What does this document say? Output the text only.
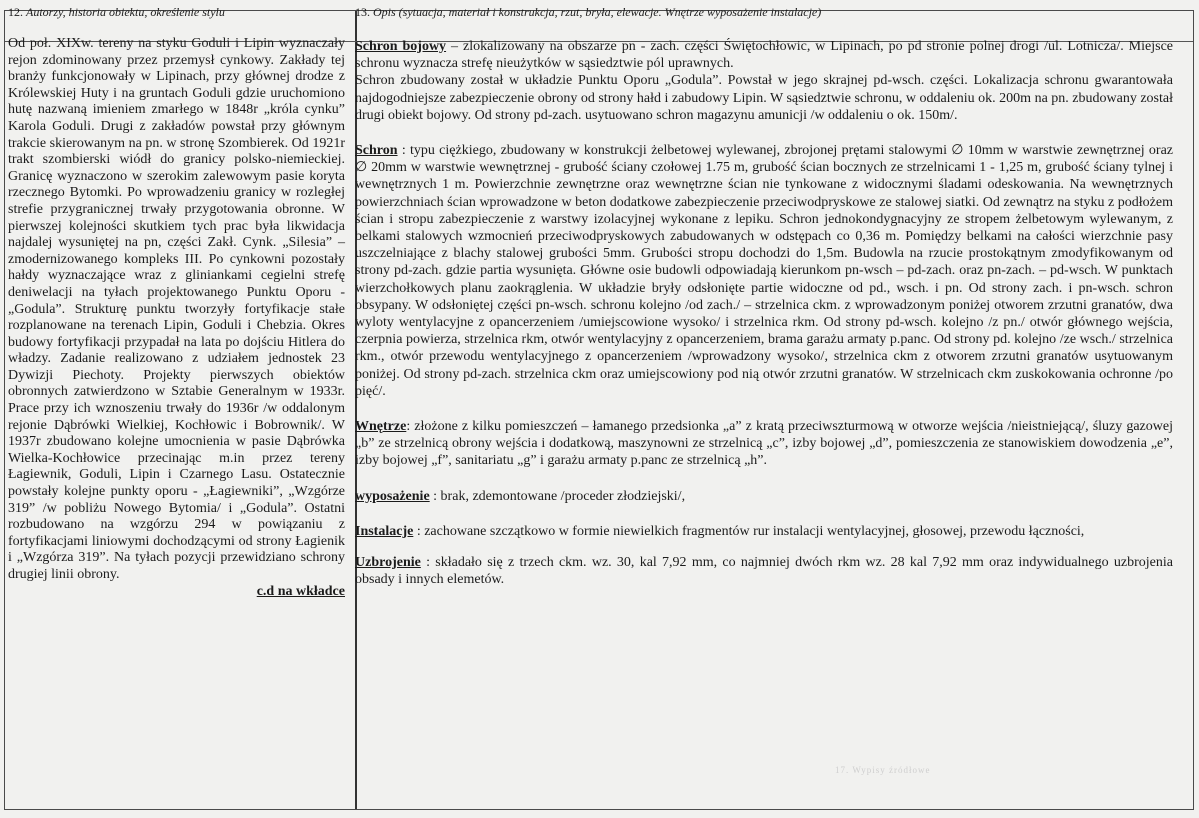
12. Autorzy, historia obiektu, określenie stylu	13. Opis (sytuacja, materiał i konstrukcja, rzut, bryła, elewacje. Wnętrze wyposażenie instalacje)

Od poł. XIXw. tereny na styku Goduli i Lipin wyznaczały rejon zdominowany przez przemysł cynkowy. Zakłady tej branży funkcjonowały w Lipinach, przy głównej drodze z Królewskiej Huty i na gruntach Goduli gdzie uruchomiono hutę nazwaną imieniem zmarłego w 1848r „króla cynku” Karola Goduli. Drugi z zakładów powstał przy głównym trakcie skierowanym na pn. w stronę Szombierek. Od 1921r trakt szombierski wiódł do granicy polsko-niemieckiej. Granicę wyznaczono w szerokim zalewowym pasie koryta rzecznego Bytomki. Po wprowadzeniu granicy w rozległej strefie przygranicznej trwały przygotowania obronne. W pierwszej kolejności skutkiem tych prac była likwidacja najdalej wysuniętej na pn, części Zakł. Cynk. „Silesia” – zmodernizowanego kompleks III. Po cynkowni pozostały hałdy wyznaczające wraz z gliniankami cegielni strefę deniwelacji na tyłach projektowanego Punktu Oporu - „Godula”. Strukturę punktu tworzyły fortyfikacje stałe rozplanowane na terenach Lipin, Goduli i Chebzia. Okres budowy fortyfikacji przypadał na lata po dojściu Hitlera do władzy. Zadanie realizowano z udziałem jednostek 23 Dywizji Piechoty. Projekty pierwszych obiektów obronnych zatwierdzono w Sztabie Generalnym w 1933r. Prace przy ich wznoszeniu trwały do 1936r /w oddalonym rejonie Dąbrówki Wielkiej, Kochłowic i Bobrownik/. W 1937r zbudowano kolejne umocnienia w pasie Dąbrówka Wielka-Kochłowice przecinając m.in przez tereny Łagiewnik, Goduli, Lipin i Czarnego Lasu. Ostatecznie powstały kolejne punkty oporu - „Łagiewniki”, „Wzgórze 319” /w pobliżu Nowego Bytomia/ i „Godula”. Ostatni rozbudowano na wzgórzu 294 w powiązaniu z fortyfikacjami liniowymi dochodzącymi od strony Łagienik i „Wzgórza 319”. Na tyłach pozycji przewidziano schrony drugiej linii obrony.

c.d na wkładce

Schron bojowy – zlokalizowany na obszarze pn - zach. części Świętochłowic, w Lipinach, po pd stronie polnej drogi /ul. Lotnicza/. Miejsce schronu wyznacza strefę nieużytków w sąsiedztwie pól uprawnych.

Schron zbudowany został w układzie Punktu Oporu „Godula”. Powstał w jego skrajnej pd-wsch. części. Lokalizacja schronu gwarantowała najdogodniejsze zabezpieczenie obrony od strony hałd i zabudowy Lipin. W sąsiedztwie schronu, w oddaleniu ok. 200m na pn. zbudowany został drugi obiekt bojowy. Od strony pd-zach. usytuowano schron magazynu amunicji /w oddaleniu o ok. 150m/.

Schron : typu ciężkiego, zbudowany w konstrukcji żelbetowej wylewanej, zbrojonej prętami stalowymi ∅ 10mm w warstwie zewnętrznej oraz ∅ 20mm w warstwie wewnętrznej - grubość ściany czołowej 1.75 m, grubość ścian bocznych ze strzelnicami 1 - 1,25 m, grubość ściany tylnej i wewnętrznych 1 m. Powierzchnie zewnętrzne oraz wewnętrzne ścian nie tynkowane z widocznymi śladami odeskowania. Na wewnętrznych powierzchniach ścian wprowadzone w beton dodatkowe zabezpieczenie przeciwodpryskowe ze stalowej siatki. Od zewnątrz na styku z podłożem ścian i stropu zabezpieczenie z warstwy izolacyjnej wykonane z lepiku. Schron jednokondygnacyjny ze stropem żelbetowym wylewanym, z belkami stalowych wzmocnień przeciwodpryskowych zabudowanych w odstępach co 0,36 m. Pomiędzy belkami na całości wierzchnie pasy uszczelniające z blachy stalowej grubości 5mm. Grubości stropu dochodzi do 1,5m. Budowla na rzucie prostokątnym zmodyfikowanym od strony pd-zach. gdzie partia wysunięta. Główne osie budowli odpowiadają kierunkom pn-wsch – pd-zach. oraz pn-zach. – pd-wsch. W punktach wierzchołkowych planu zaokrąglenia. W układzie bryły odsłonięte partie widoczne od pd., wsch. i pn. Od strony zach. i pn-wsch. schron obsypany. W odsłoniętej części pn-wsch. schronu kolejno /od zach./ – strzelnica ckm. z wprowadzonym poniżej otworem zrzutni granatów, dwa wyloty wentylacyjne z opancerzeniem /umiejscowione wysoko/ i strzelnica rkm. Od strony pd-wsch. kolejno /z pn./ otwór głównego wejścia, czerpnia powierza, strzelnica rkm, otwór wentylacyjny z opancerzeniem, brama garażu armaty p.panc. Od strony pd. kolejno /ze wsch./ strzelnica rkm., otwór przewodu wentylacyjnego z opancerzeniem /wprowadzony wysoko/, strzelnica ckm z otworem zrzutni granatów usytuowanym poniżej. Od strony pd-zach. strzelnica ckm oraz umiejscowiony pod nią otwór zrzutni granatów. W strzelnicach ckm zuskokowania ochronne /po pięć/.

Wnętrze: złożone z kilku pomieszczeń – łamanego przedsionka „a” z kratą przeciwszturmową w otworze wejścia /nieistniejącą/, śluzy gazowej „b” ze strzelnicą obrony wejścia i dodatkową, maszynowni ze strzelnicą „c”, izby bojowej „d”, pomieszczenia ze stanowiskiem dowodzenia „e”, izby bojowej „f”, sanitariatu „g” i garażu armaty p.panc ze strzelnicą „h”.

wyposażenie : brak, zdemontowane /proceder złodziejski/,

Instalacje : zachowane szczątkowo w formie niewielkich fragmentów rur instalacji wentylacyjnej, głosowej, przewodu łączności,

Uzbrojenie : składało się z trzech ckm. wz. 30, kal 7,92 mm, co najmniej dwóch rkm wz. 28 kal 7,92 mm oraz indywidualnego uzbrojenia obsady i innych elemetów.

17. Wypisy źródłowe
